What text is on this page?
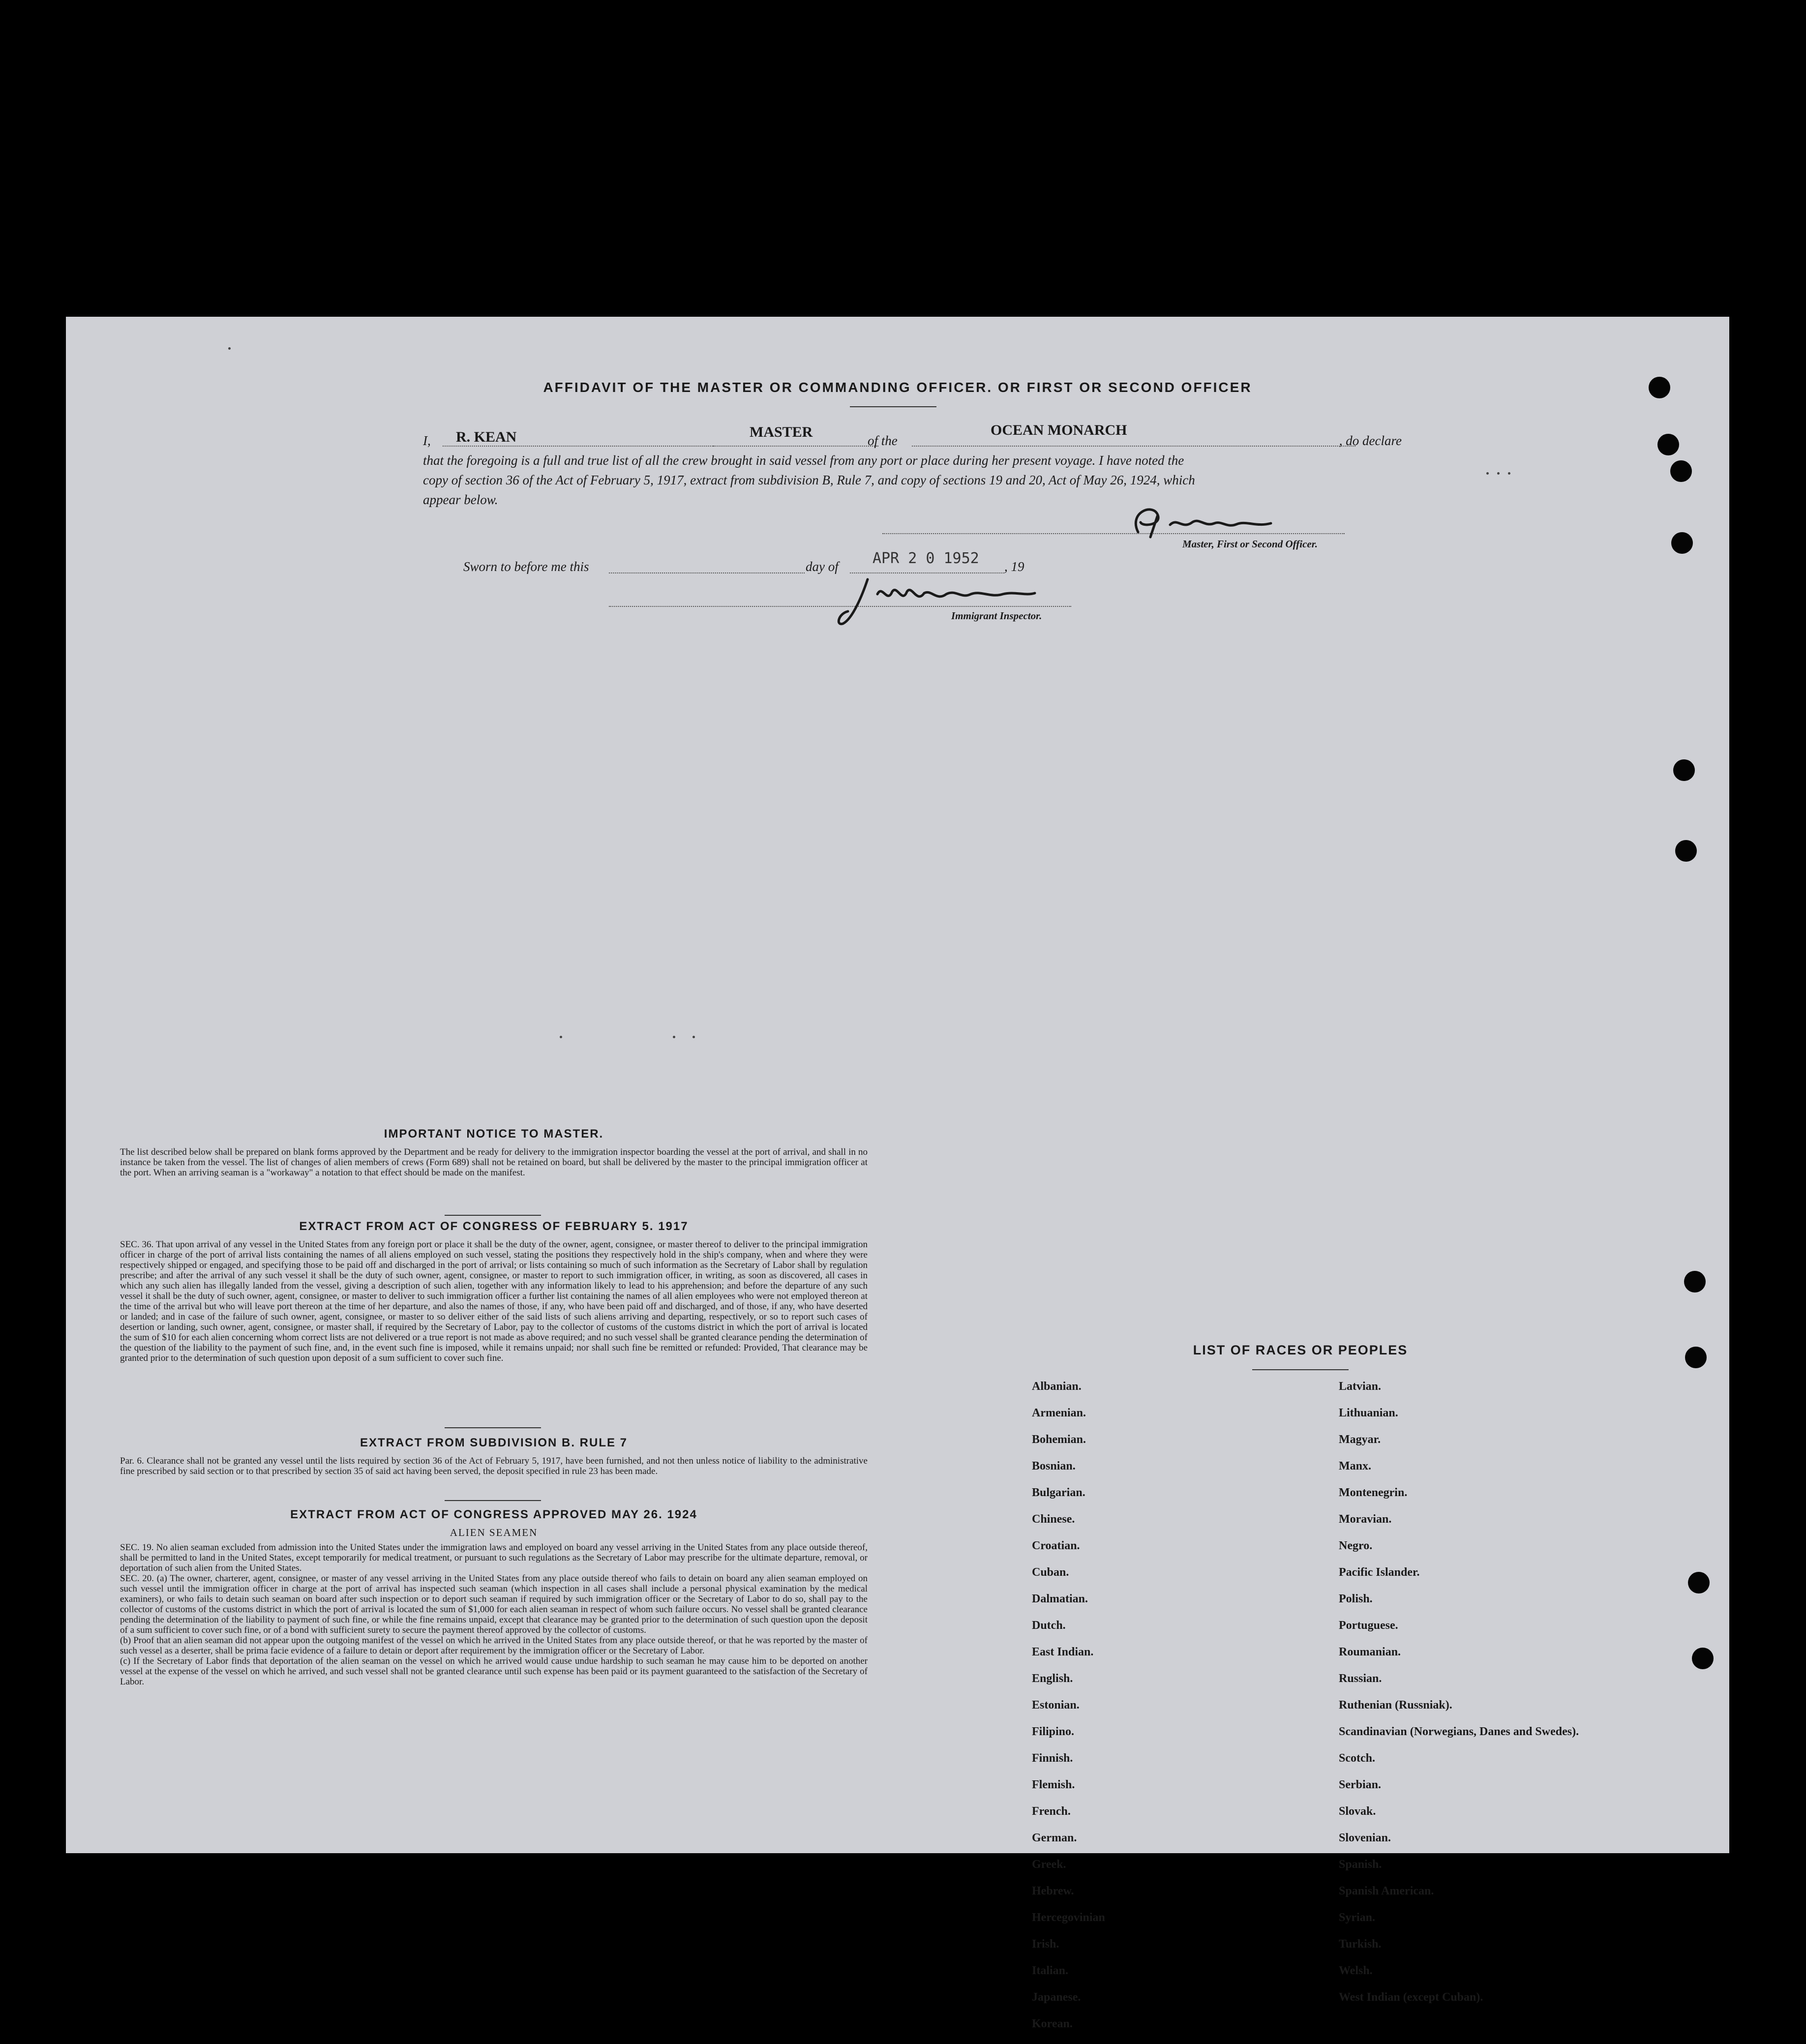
AFFIDAVIT OF THE MASTER OR COMMANDING OFFICER. OR FIRST OR SECOND OFFICER
I,	R. KEAN	MASTER
of the
OCEAN MONARCH
, do declare
that the foregoing is a full and true list of all the crew brought in said vessel from any port or place during her present voyage. I have noted the
copy of section 36 of the Act of February 5, 1917, extract from subdivision B, Rule 7, and copy of sections 19 and 20, Act of May 26, 1924, which
appear below.
Master, First or Second Officer.
Sworn to before me this	day of APR 2 0 1952 , 19
Immigrant Inspector.
IMPORTANT NOTICE TO MASTER.
The list described below shall be prepared on blank forms approved by the Department and be ready for delivery to the immigration inspector boarding the vessel at the port of arrival, and shall in no instance be taken from the vessel. The list of changes of alien members of crews (Form 689) shall not be retained on board, but shall be delivered by the master to the principal immigration officer at the port. When an arriving seaman is a "workaway" a notation to that effect should be made on the manifest.
EXTRACT FROM ACT OF CONGRESS OF FEBRUARY 5. 1917
SEC. 36. That upon arrival of any vessel in the United States from any foreign port or place it shall be the duty of the owner, agent, consignee, or master thereof to deliver to the principal immigration officer in charge of the port of arrival lists containing the names of all aliens employed on such vessel, stating the positions they respectively hold in the ship's company, when and where they were respectively shipped or engaged, and specifying those to be paid off and discharged in the port of arrival; or lists containing so much of such information as the Secretary of Labor shall by regulation prescribe; and after the arrival of any such vessel it shall be the duty of such owner, agent, consignee, or master to report to such immigration officer, in writing, as soon as discovered, all cases in which any such alien has illegally landed from the vessel, giving a description of such alien, together with any information likely to lead to his apprehension; and before the departure of any such vessel it shall be the duty of such owner, agent, consignee, or master to deliver to such immigration officer a further list containing the names of all alien employees who were not employed thereon at the time of the arrival but who will leave port thereon at the time of her departure, and also the names of those, if any, who have been paid off and discharged, and of those, if any, who have deserted or landed; and in case of the failure of such owner, agent, consignee, or master to so deliver either of the said lists of such aliens arriving and departing, respectively, or so to report such cases of desertion or landing, such owner, agent, consignee, or master shall, if required by the Secretary of Labor, pay to the collector of customs of the customs district in which the port of arrival is located the sum of $10 for each alien concerning whom correct lists are not delivered or a true report is not made as above required; and no such vessel shall be granted clearance pending the determination of the question of the liability to the payment of such fine, and, in the event such fine is imposed, while it remains unpaid; nor shall such fine be remitted or refunded: Provided, That clearance may be granted prior to the determination of such question upon deposit of a sum sufficient to cover such fine.
EXTRACT FROM SUBDIVISION B. RULE 7
Par. 6. Clearance shall not be granted any vessel until the lists required by section 36 of the Act of February 5, 1917, have been furnished, and not then unless notice of liability to the administrative fine prescribed by said section or to that prescribed by section 35 of said act having been served, the deposit specified in rule 23 has been made.
EXTRACT FROM ACT OF CONGRESS APPROVED MAY 26. 1924
ALIEN SEAMEN
SEC. 19. No alien seaman excluded from admission into the United States under the immigration laws and employed on board any vessel arriving in the United States from any place outside thereof, shall be permitted to land in the United States, except temporarily for medical treatment, or pursuant to such regulations as the Secretary of Labor may prescribe for the ultimate departure, removal, or deportation of such alien from the United States.
SEC. 20. (a) The owner, charterer, agent, consignee, or master of any vessel arriving in the United States from any place outside thereof who fails to detain on board any alien seaman employed on such vessel until the immigration officer in charge at the port of arrival has inspected such seaman (which inspection in all cases shall include a personal physical examination by the medical examiners), or who fails to detain such seaman on board after such inspection or to deport such seaman if required by such immigration officer or the Secretary of Labor to do so, shall pay to the collector of customs of the customs district in which the port of arrival is located the sum of $1,000 for each alien seaman in respect of whom such failure occurs. No vessel shall be granted clearance pending the determination of the liability to payment of such fine, or while the fine remains unpaid, except that clearance may be granted prior to the determination of such question upon the deposit of a sum sufficient to cover such fine, or of a bond with sufficient surety to secure the payment thereof approved by the collector of customs.
(b) Proof that an alien seaman did not appear upon the outgoing manifest of the vessel on which he arrived in the United States from any place outside thereof, or that he was reported by the master of such vessel as a deserter, shall be prima facie evidence of a failure to detain or deport after requirement by the immigration officer or the Secretary of Labor.
(c) If the Secretary of Labor finds that deportation of the alien seaman on the vessel on which he arrived would cause undue hardship to such seaman he may cause him to be deported on another vessel at the expense of the vessel on which he arrived, and such vessel shall not be granted clearance until such expense has been paid or its payment guaranteed to the satisfaction of the Secretary of Labor.
LIST OF RACES OR PEOPLES
Albanian.
Armenian.
Bohemian.
Bosnian.
Bulgarian.
Chinese.
Croatian.
Cuban.
Dalmatian.
Dutch.
East Indian.
English.
Estonian.
Filipino.
Finnish.
Flemish.
French.
German.
Greek.
Hebrew.
Hercegovinian
Irish.
Italian.
Japanese.
Korean.
Latvian.
Lithuanian.
Magyar.
Manx.
Montenegrin.
Moravian.
Negro.
Pacific Islander.
Polish.
Portuguese.
Roumanian.
Russian.
Ruthenian (Russniak).
Scandinavian (Norwegians, Danes and Swedes).
Scotch.
Serbian.
Slovak.
Slovenian.
Spanish.
Spanish American.
Syrian.
Turkish.
Welsh.
West Indian (except Cuban).
